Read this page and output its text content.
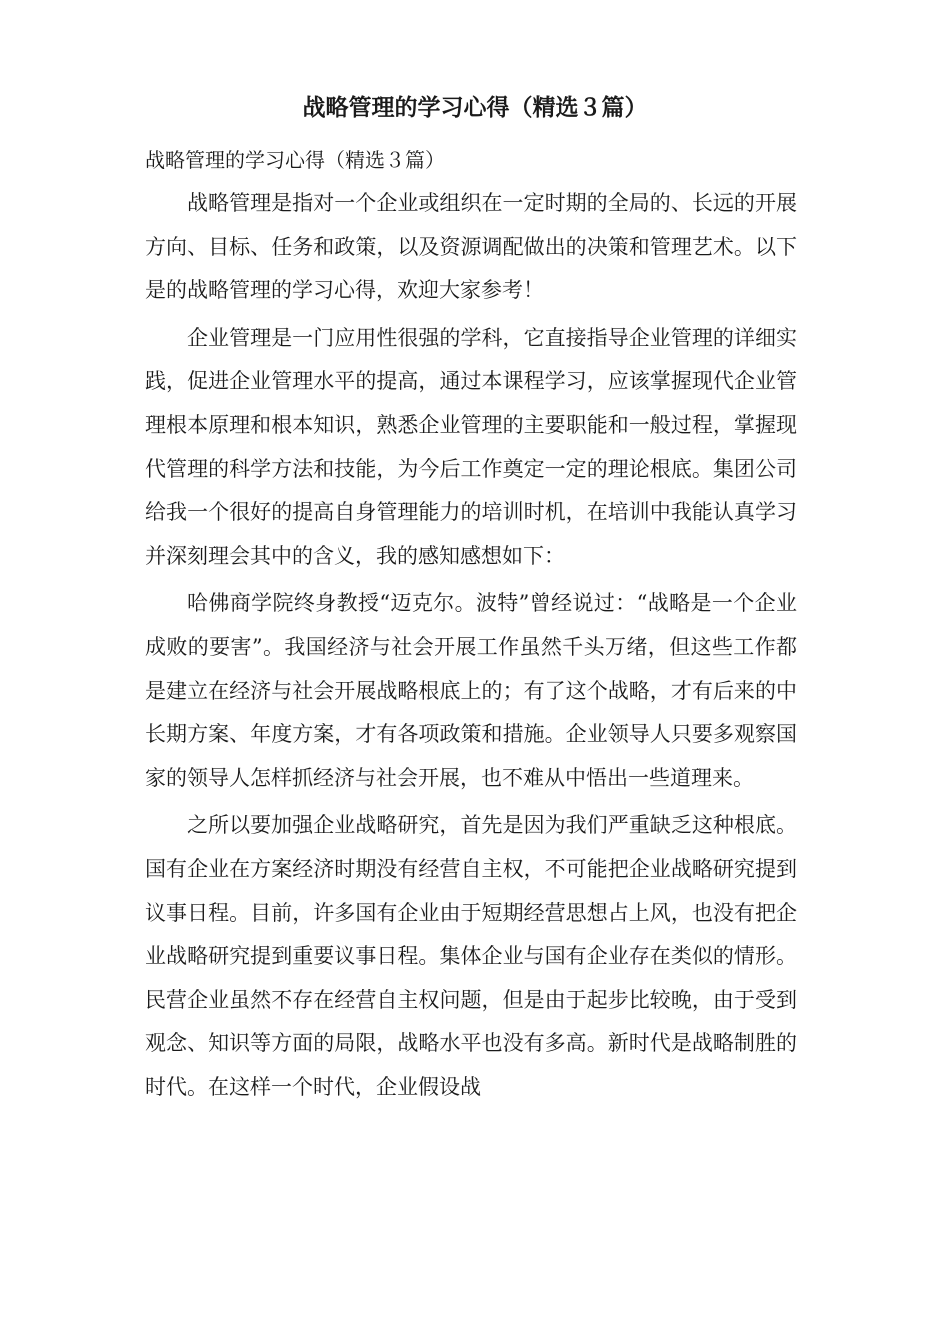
战略管理的学习心得（精选３篇）

战略管理的学习心得（精选３篇）

战略管理是指对一个企业或组织在一定时期的全局的、长远的开展方向、目标、任务和政策，以及资源调配做出的决策和管理艺术。以下是的战略管理的学习心得，欢迎大家参考！

企业管理是一门应用性很强的学科，它直接指导企业管理的详细实践，促进企业管理水平的提高，通过本课程学习，应该掌握现代企业管理根本原理和根本知识，熟悉企业管理的主要职能和一般过程，掌握现代管理的科学方法和技能，为今后工作奠定一定的理论根底。集团公司给我一个很好的提高自身管理能力的培训时机，在培训中我能认真学习并深刻理会其中的含义，我的感知感想如下：

哈佛商学院终身教授“迈克尔。波特”曾经说过：“战略是一个企业成败的要害”。我国经济与社会开展工作虽然千头万绪，但这些工作都是建立在经济与社会开展战略根底上的；有了这个战略，才有后来的中长期方案、年度方案，才有各项政策和措施。企业领导人只要多观察国家的领导人怎样抓经济与社会开展，也不难从中悟出一些道理来。

之所以要加强企业战略研究，首先是因为我们严重缺乏这种根底。国有企业在方案经济时期没有经营自主权，不可能把企业战略研究提到议事日程。目前，许多国有企业由于短期经营思想占上风，也没有把企业战略研究提到重要议事日程。集体企业与国有企业存在类似的情形。民营企业虽然不存在经营自主权问题，但是由于起步比较晚，由于受到观念、知识等方面的局限，战略水平也没有多高。新时代是战略制胜的时代。在这样一个时代，企业假设战
